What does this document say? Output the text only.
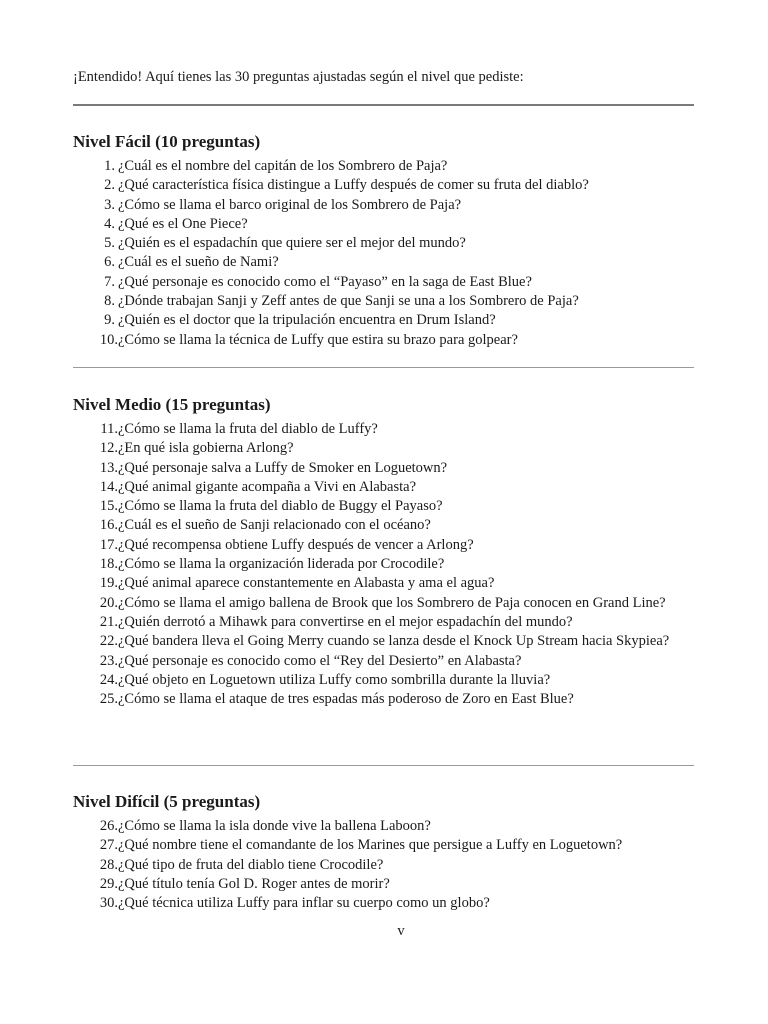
¡Entendido! Aquí tienes las 30 preguntas ajustadas según el nivel que pediste:
Nivel Fácil (10 preguntas)
1. ¿Cuál es el nombre del capitán de los Sombrero de Paja?
2. ¿Qué característica física distingue a Luffy después de comer su fruta del diablo?
3. ¿Cómo se llama el barco original de los Sombrero de Paja?
4. ¿Qué es el One Piece?
5. ¿Quién es el espadachín que quiere ser el mejor del mundo?
6. ¿Cuál es el sueño de Nami?
7. ¿Qué personaje es conocido como el “Payaso” en la saga de East Blue?
8. ¿Dónde trabajan Sanji y Zeff antes de que Sanji se una a los Sombrero de Paja?
9. ¿Quién es el doctor que la tripulación encuentra en Drum Island?
10. ¿Cómo se llama la técnica de Luffy que estira su brazo para golpear?
Nivel Medio (15 preguntas)
11. ¿Cómo se llama la fruta del diablo de Luffy?
12. ¿En qué isla gobierna Arlong?
13. ¿Qué personaje salva a Luffy de Smoker en Loguetown?
14. ¿Qué animal gigante acompaña a Vivi en Alabasta?
15. ¿Cómo se llama la fruta del diablo de Buggy el Payaso?
16. ¿Cuál es el sueño de Sanji relacionado con el océano?
17. ¿Qué recompensa obtiene Luffy después de vencer a Arlong?
18. ¿Cómo se llama la organización liderada por Crocodile?
19. ¿Qué animal aparece constantemente en Alabasta y ama el agua?
20. ¿Cómo se llama el amigo ballena de Brook que los Sombrero de Paja conocen en Grand Line?
21. ¿Quién derrotó a Mihawk para convertirse en el mejor espadachín del mundo?
22. ¿Qué bandera lleva el Going Merry cuando se lanza desde el Knock Up Stream hacia Skypiea?
23. ¿Qué personaje es conocido como el “Rey del Desierto” en Alabasta?
24. ¿Qué objeto en Loguetown utiliza Luffy como sombrilla durante la lluvia?
25. ¿Cómo se llama el ataque de tres espadas más poderoso de Zoro en East Blue?
Nivel Difícil (5 preguntas)
26. ¿Cómo se llama la isla donde vive la ballena Laboon?
27. ¿Qué nombre tiene el comandante de los Marines que persigue a Luffy en Loguetown?
28. ¿Qué tipo de fruta del diablo tiene Crocodile?
29. ¿Qué título tenía Gol D. Roger antes de morir?
30. ¿Qué técnica utiliza Luffy para inflar su cuerpo como un globo?
v
